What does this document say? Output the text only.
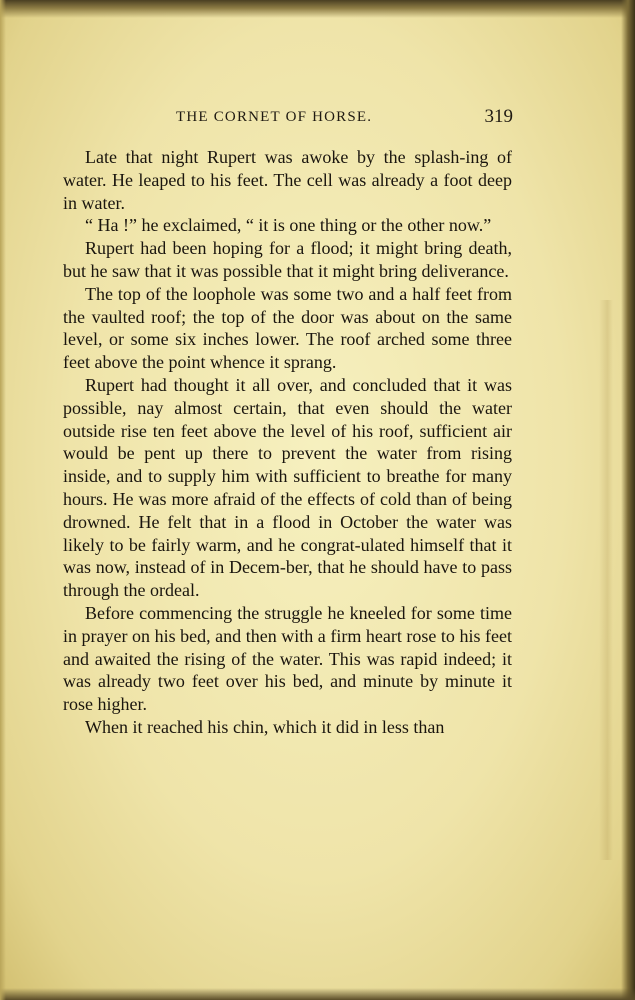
THE CORNET OF HORSE.	319

Late that night Rupert was awoke by the splash-ing of water. He leaped to his feet. The cell was already a foot deep in water.

“ Ha !” he exclaimed, “ it is one thing or the other now.”

Rupert had been hoping for a flood; it might bring death, but he saw that it was possible that it might bring deliverance.

The top of the loophole was some two and a half feet from the vaulted roof; the top of the door was about on the same level, or some six inches lower. The roof arched some three feet above the point whence it sprang.

Rupert had thought it all over, and concluded that it was possible, nay almost certain, that even should the water outside rise ten feet above the level of his roof, sufficient air would be pent up there to prevent the water from rising inside, and to supply him with sufficient to breathe for many hours. He was more afraid of the effects of cold than of being drowned. He felt that in a flood in October the water was likely to be fairly warm, and he congrat-ulated himself that it was now, instead of in Decem-ber, that he should have to pass through the ordeal.

Before commencing the struggle he kneeled for some time in prayer on his bed, and then with a firm heart rose to his feet and awaited the rising of the water. This was rapid indeed; it was already two feet over his bed, and minute by minute it rose higher.

When it reached his chin, which it did in less than
